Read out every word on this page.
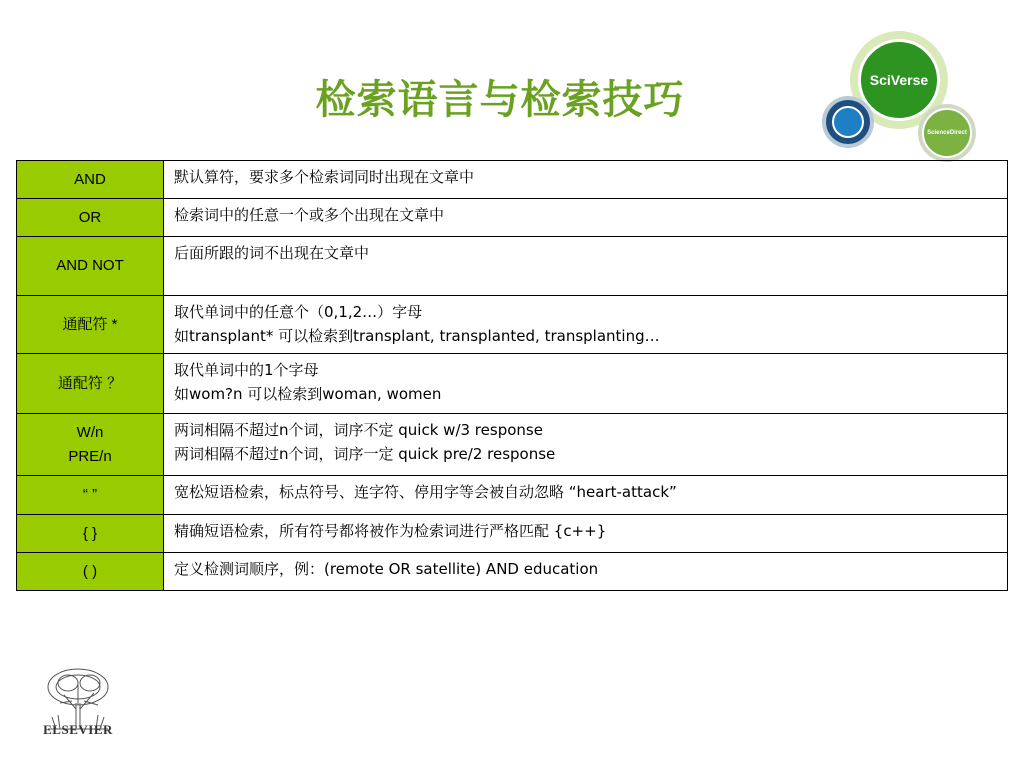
检索语言与检索技巧	SciVerse
ScienceDirect
AND	默认算符，要求多个检索词同时出现在文章中

OR	检索词中的任意一个或多个出现在文章中

AND NOT	后面所跟的词不出现在文章中

通配符 *	取代单词中的任意个（0,1,2…）字母
如transplant* 可以检索到transplant, transplanted, transplanting…

通配符 ？	取代单词中的1个字母
如wom?n 可以检索到woman, women

W/n
PRE/n	两词相隔不超过n个词，词序不定 quick w/3 response
两词相隔不超过n个词，词序一定 quick pre/2 response

“ ”	宽松短语检索，标点符号、连字符、停用字等会被自动忽略 “heart-attack”

{ }	精确短语检索，所有符号都将被作为检索词进行严格匹配 {c++}

( )	定义检测词顺序，例：(remote OR satellite) AND education
ELSEVIER
